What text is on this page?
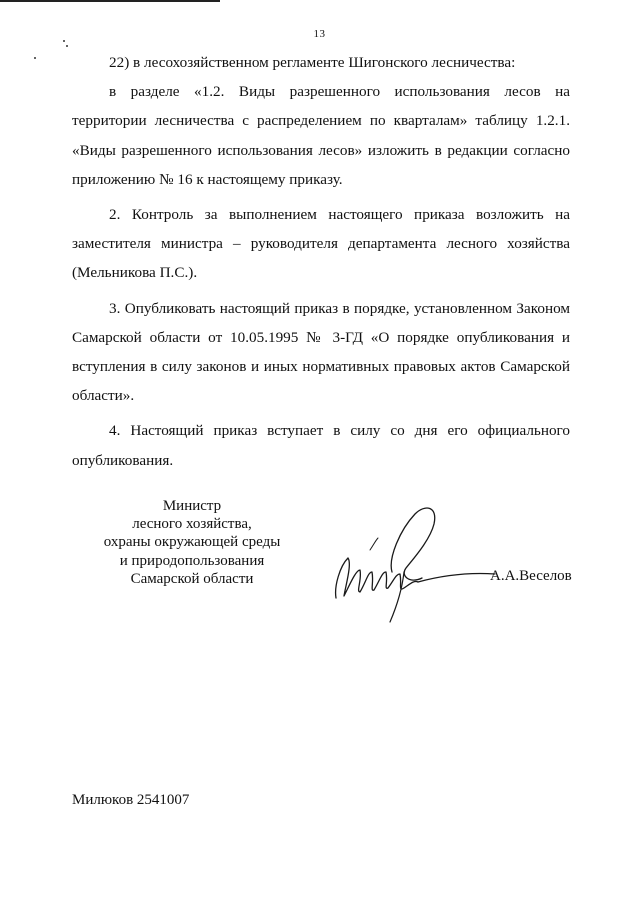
13

22) в лесохозяйственном регламенте Шигонского лесничества:

в разделе «1.2. Виды разрешенного использования лесов на территории лесничества с распределением по кварталам» таблицу 1.2.1. «Виды разрешенного использования лесов» изложить в редакции согласно приложению № 16 к настоящему приказу.

2. Контроль за выполнением настоящего приказа возложить на заместителя министра – руководителя департамента лесного хозяйства (Мельникова П.С.).

3. Опубликовать настоящий приказ в порядке, установленном Законом Самарской области от 10.05.1995 № 3-ГД «О порядке опубликования и вступления в силу законов и иных нормативных правовых актов Самарской области».

4. Настоящий приказ вступает в силу со дня его официального опубликования.

Министр
лесного хозяйства,
охраны окружающей среды
и природопользования
Самарской области	А.А.Веселов
Милюков 2541007
